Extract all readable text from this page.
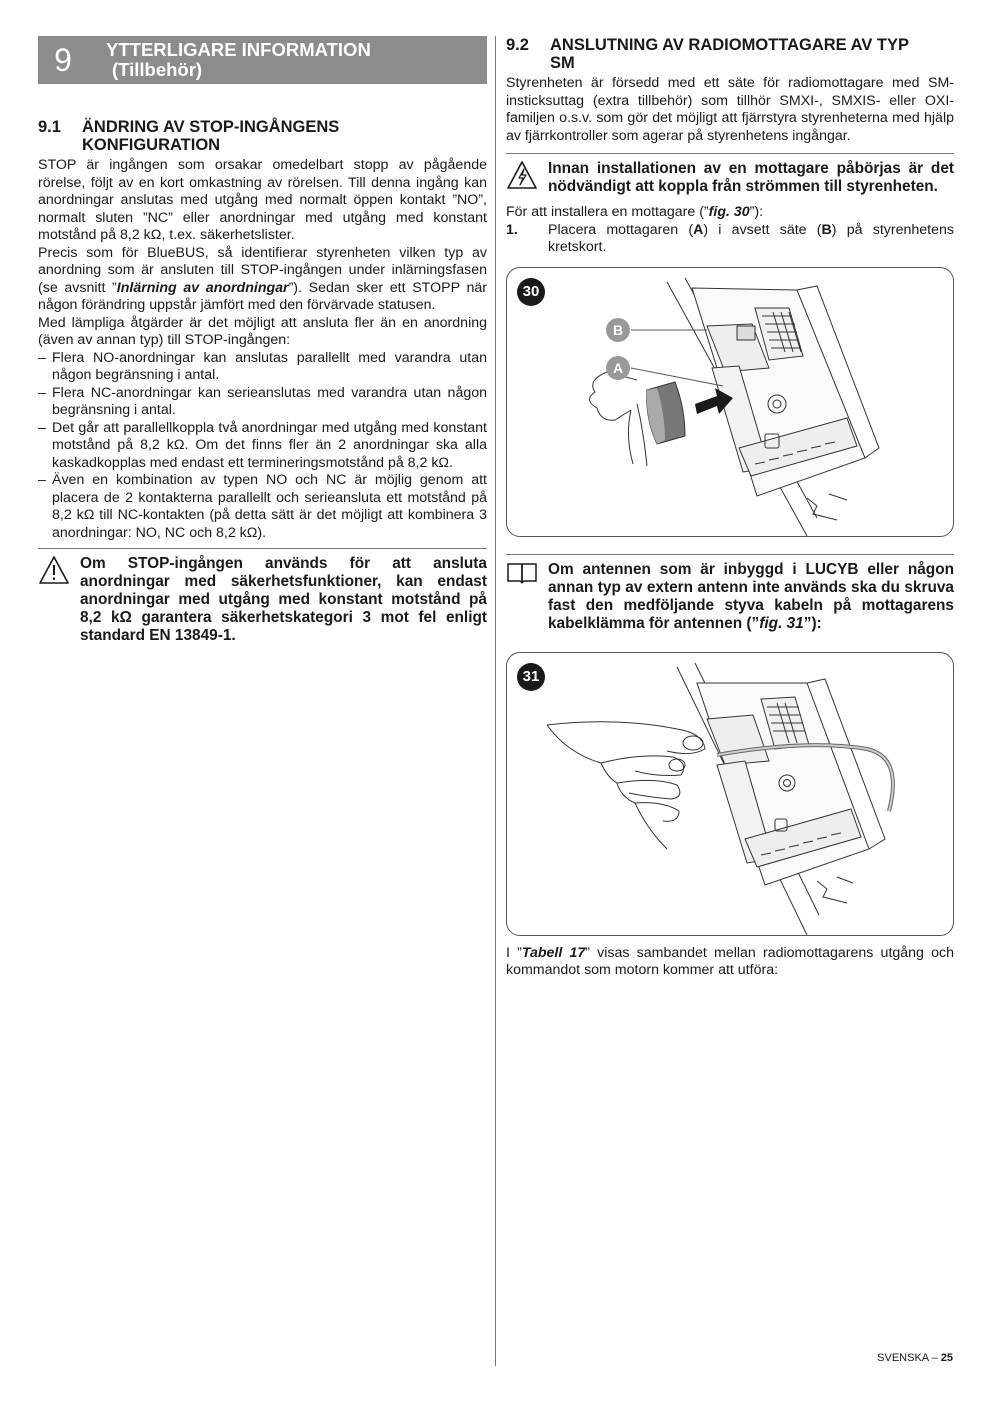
9	YTTERLIGARE INFORMATION
(Tillbehör)
9.1	ÄNDRING AV STOP-INGÅNGENS
KONFIGURATION

STOP är ingången som orsakar omedelbart stopp av pågående rörelse, följt av en kort omkastning av rörelsen. Till denna ingång kan anordningar anslutas med utgång med normalt öppen kontakt ”NO”, normalt sluten ”NC” eller anordningar med utgång med konstant motstånd på 8,2 kΩ, t.ex. säkerhetslister.

Precis som för BlueBUS, så identifierar styrenheten vilken typ av anordning som är ansluten till STOP-ingången under inlärningsfasen (se avsnitt ”Inlärning av anordningar”). Sedan sker ett STOPP när någon förändring uppstår jämfört med den förvärvade statusen.

Med lämpliga åtgärder är det möjligt att ansluta fler än en anordning (även av annan typ) till STOP-ingången:

– Flera NO-anordningar kan anslutas parallellt med varandra utan någon begränsning i antal.
– Flera NC-anordningar kan serieanslutas med varandra utan någon begränsning i antal.
– Det går att parallellkoppla två anordningar med utgång med konstant motstånd på 8,2 kΩ. Om det finns fler än 2 anordningar ska alla kaskadkopplas med endast ett termineringsmotstånd på 8,2 kΩ.
– Även en kombination av typen NO och NC är möjlig genom att placera de 2 kontakterna parallellt och serieansluta ett motstånd på 8,2 kΩ till NC-kontakten (på detta sätt är det möjligt att kombinera 3 anordningar: NO, NC och 8,2 kΩ).
Om STOP-ingången används för att ansluta anordningar med säkerhetsfunktioner, kan endast anordningar med utgång med konstant motstånd på 8,2 kΩ garantera säkerhetskategori 3 mot fel enligt standard EN 13849-1.
9.2	ANSLUTNING AV RADIOMOTTAGARE AV TYP
SM

Styrenheten är försedd med ett säte för radiomottagare med SM-insticksuttag (extra tillbehör) som tillhör SMXI-, SMXIS- eller OXI-familjen o.s.v. som gör det möjligt att fjärrstyra styrenheterna med hjälp av fjärrkontroller som agerar på styrenhetens ingångar.

Innan installationen av en mottagare påbörjas är det nödvändigt att koppla från strömmen till styrenheten.

För att installera en mottagare (”fig. 30”):

1.	Placera mottagaren (A) i avsett säte (B) på styrenhetens kretskort.
30
B
A
Om antennen som är inbyggd i LUCYB eller någon annan typ av extern antenn inte används ska du skruva fast den medföljande styva kabeln på mottagarens kabelklämma för antennen (”fig. 31”):
31

I ”Tabell 17” visas sambandet mellan radiomottagarens utgång och kommandot som motorn kommer att utföra:

SVENSKA – 25
